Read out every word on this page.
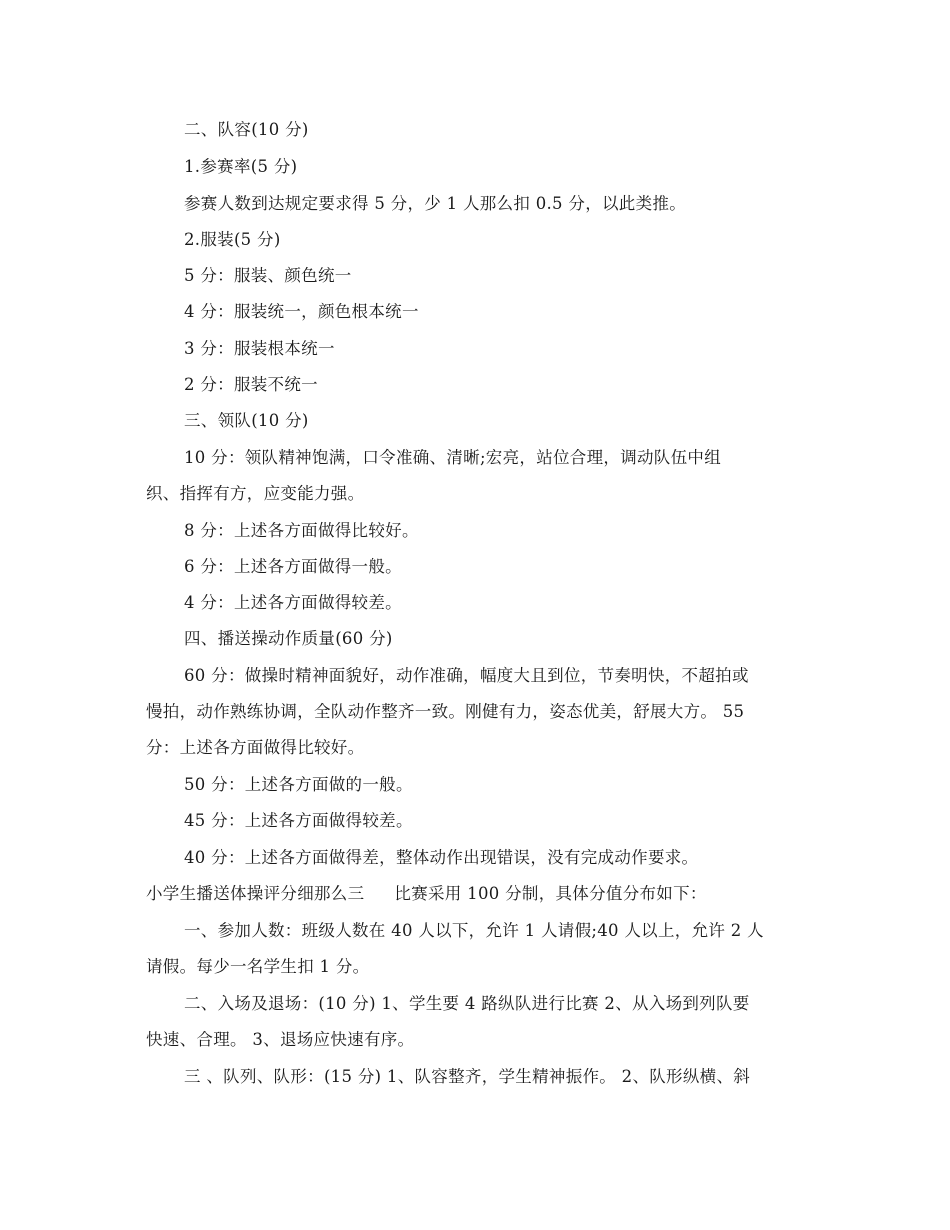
二、队容(10 分)
1.参赛率(5 分)
参赛人数到达规定要求得 5 分，少 1 人那么扣 0.5 分，以此类推。
2.服装(5 分)
5 分：服装、颜色统一
4 分：服装统一，颜色根本统一
3 分：服装根本统一
2 分：服装不统一
三、领队(10 分)
10 分：领队精神饱满，口令准确、清晰;宏亮，站位合理，调动队伍中组
织、指挥有方，应变能力强。
8 分：上述各方面做得比较好。
6 分：上述各方面做得一般。
4 分：上述各方面做得较差。
四、播送操动作质量(60 分)
60 分：做操时精神面貌好，动作准确，幅度大且到位，节奏明快，不超拍或
慢拍，动作熟练协调，全队动作整齐一致。刚健有力，姿态优美，舒展大方。 55
分：上述各方面做得比较好。
50 分：上述各方面做的一般。
45 分：上述各方面做得较差。
40 分：上述各方面做得差，整体动作出现错误，没有完成动作要求。
小学生播送体操评分细那么三 比赛采用 100 分制，具体分值分布如下：
一、参加人数：班级人数在 40 人以下，允许 1 人请假;40 人以上，允许 2 人
请假。每少一名学生扣 1 分。
二、入场及退场：(10 分) 1、学生要 4 路纵队进行比赛 2、从入场到列队要
快速、合理。 3、退场应快速有序。
三 、队列、队形：(15 分) 1、队容整齐，学生精神振作。 2、队形纵横、斜
